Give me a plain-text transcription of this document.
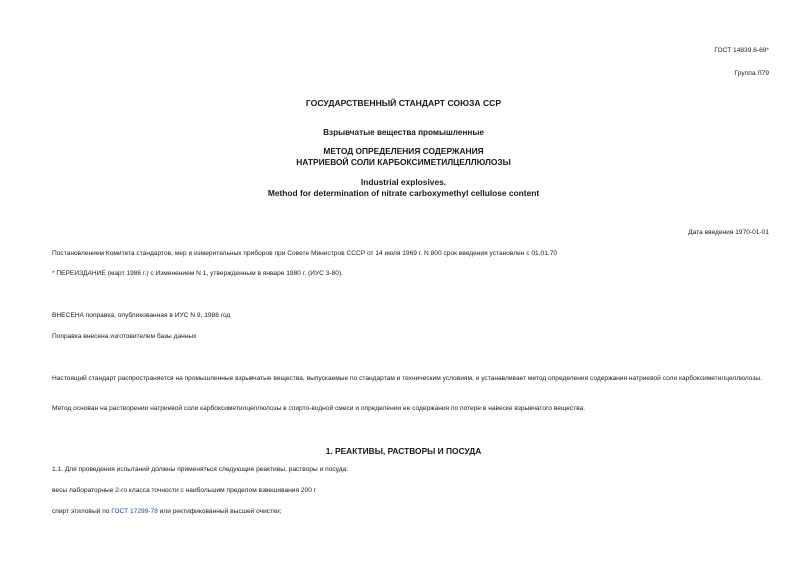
ГОСТ 14839.6-69*
Группа Л79
ГОСУДАРСТВЕННЫЙ СТАНДАРТ СОЮЗА ССР
Взрывчатые вещества промышленные
МЕТОД ОПРЕДЕЛЕНИЯ СОДЕРЖАНИЯ
НАТРИЕВОЙ СОЛИ КАРБОКСИМЕТИЛЦЕЛЛЮЛОЗЫ
Industrial explosives.
Method for determination of nitrate carboxymethyl cellulose content
Дата введения 1970-01-01
Постановлением Комитета стандартов, мер и измерительных приборов при Совете Министров СССР от 14 июля 1969 г. N 800 срок введения установлен с 01.01.70
* ПЕРЕИЗДАНИЕ (март 1986 г.) с Изменением N 1, утвержденным в январе 1980 г. (ИУС 3-80).
ВНЕСЕНА поправка, опубликованная в ИУС N 9, 1988 год
Поправка внесена изготовителем базы данных
Настоящий стандарт распространяется на промышленные взрывчатые вещества, выпускаемые по стандартам и техническим условиям, и устанавливает метод определения содержания натриевой соли карбоксиметилцеллюлозы.
Метод основан на растворении натриевой соли карбоксиметилцеллюлозы в спирто-водной смеси и определении ее содержания по потере в навеске взрывчатого вещества.
1. РЕАКТИВЫ, РАСТВОРЫ И ПОСУДА
1.1. Для проведения испытаний должны применяться следующие реактивы, растворы и посуда:
весы лабораторные 2-го класса точности с наибольшим пределом взвешивания 200 г
спирт этиловый по ГОСТ 17299-78 или ректификованный высшей очистки;
